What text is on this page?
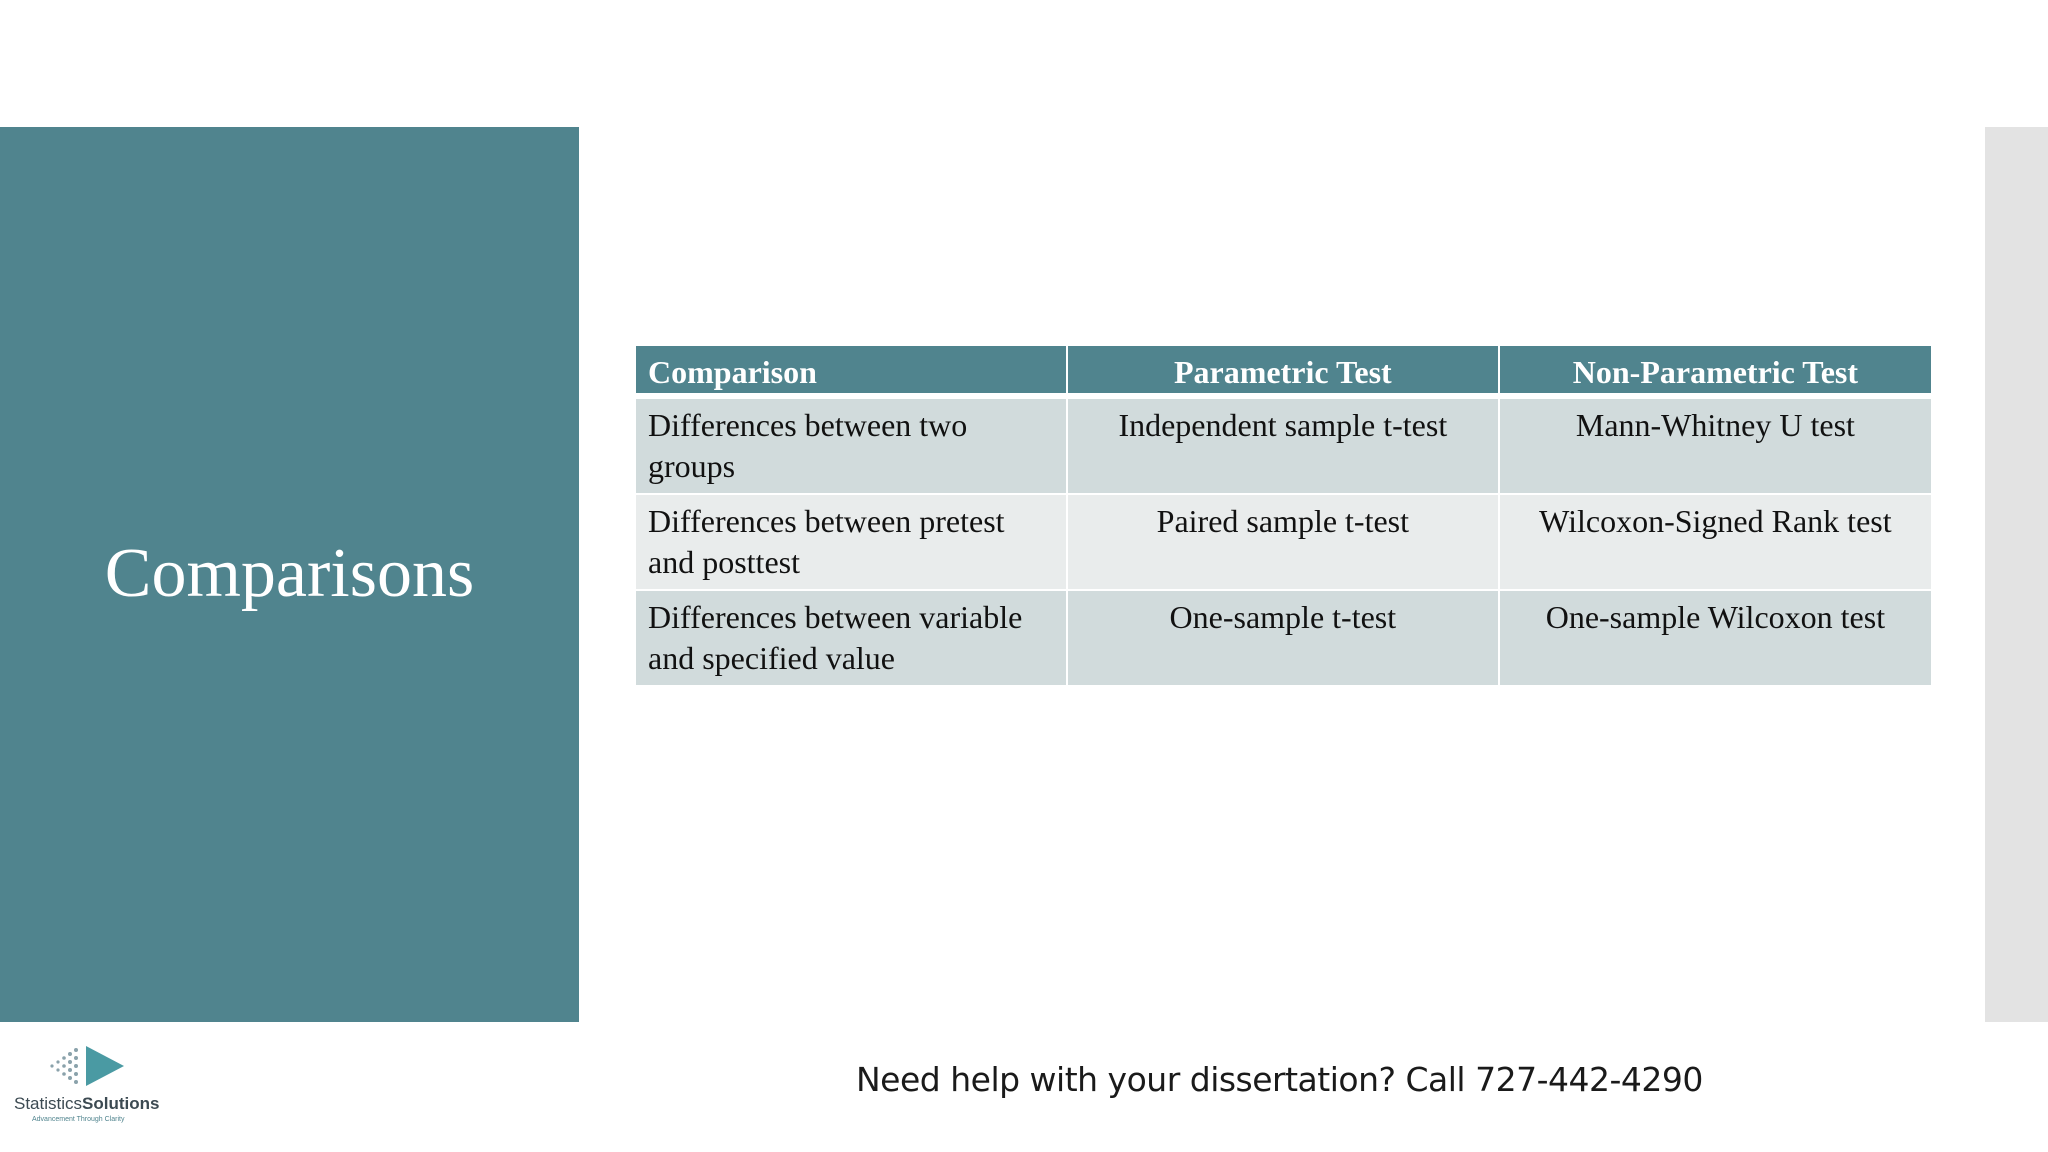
Comparisons
Comparison	Parametric Test	Non-Parametric Test
Differences between two groups	Independent sample t-test	Mann-Whitney U test
Differences between pretest and posttest	Paired sample t-test	Wilcoxon-Signed Rank test
Differences between variable and specified value	One-sample t-test	One-sample Wilcoxon test
StatisticsSolutions
Advancement Through Clarity
Need help with your dissertation? Call 727-442-4290
